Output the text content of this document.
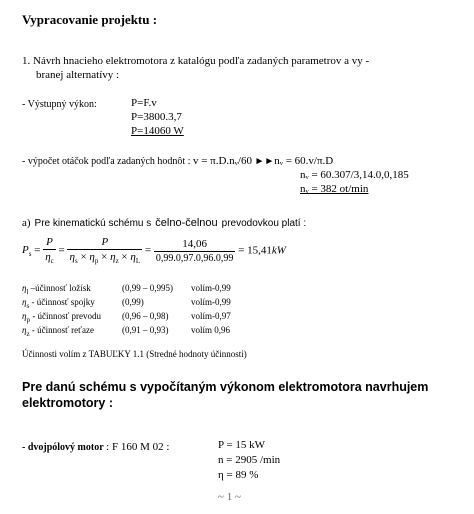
Vypracovanie projektu :
1. Návrh hnacieho elektromotora z katalógu podľa zadaných parametrov a vy -
branej alternatívy :
- Výstupný výkon:	P=F.v
P=3800.3,7
P=14060 W
- výpočet otáčok podľa zadaných hodnôt : v = π.D.nᵥ/60 ►►nᵥ = 60.v/π.D
nᵥ = 60.307/3,14.0,0,185
nᵥ = 382 ot/min
a) Pre kinematickú schému s čelno-čelnou prevodovkou platí :
$P_s = \frac{P}{\eta_c}$ =
P
$\eta_s \times \eta_p \times \eta_z \times \eta_L$
= $\frac{14,06}{0,99.0,97.0,96.0,99} = 15,41kW$
$\eta_l$ –účinnosť ložísk	(0,99 – 0,995) volím-0,99
$\eta_s$ - účinnosť spojky	(0,99)	volím-0,99
$\eta_p$ - účinnosť prevodu (0,96 – 0,98)	volím-0,97
$\eta_z$ - účinnosť reťaze	(0,91 – 0,93)	volím 0,96
Účinnosti volím z TABUĽKY 1.1 (Stredné hodnoty účinnosti)
Pre danú schému s vypočítaným výkonom elektromotora navrhujem
elektromotory :
- dvojpólový motor : F 160 M 02 :	P = 15 kW
n = 2905 /min
η = 89 %
~ 1 ~
